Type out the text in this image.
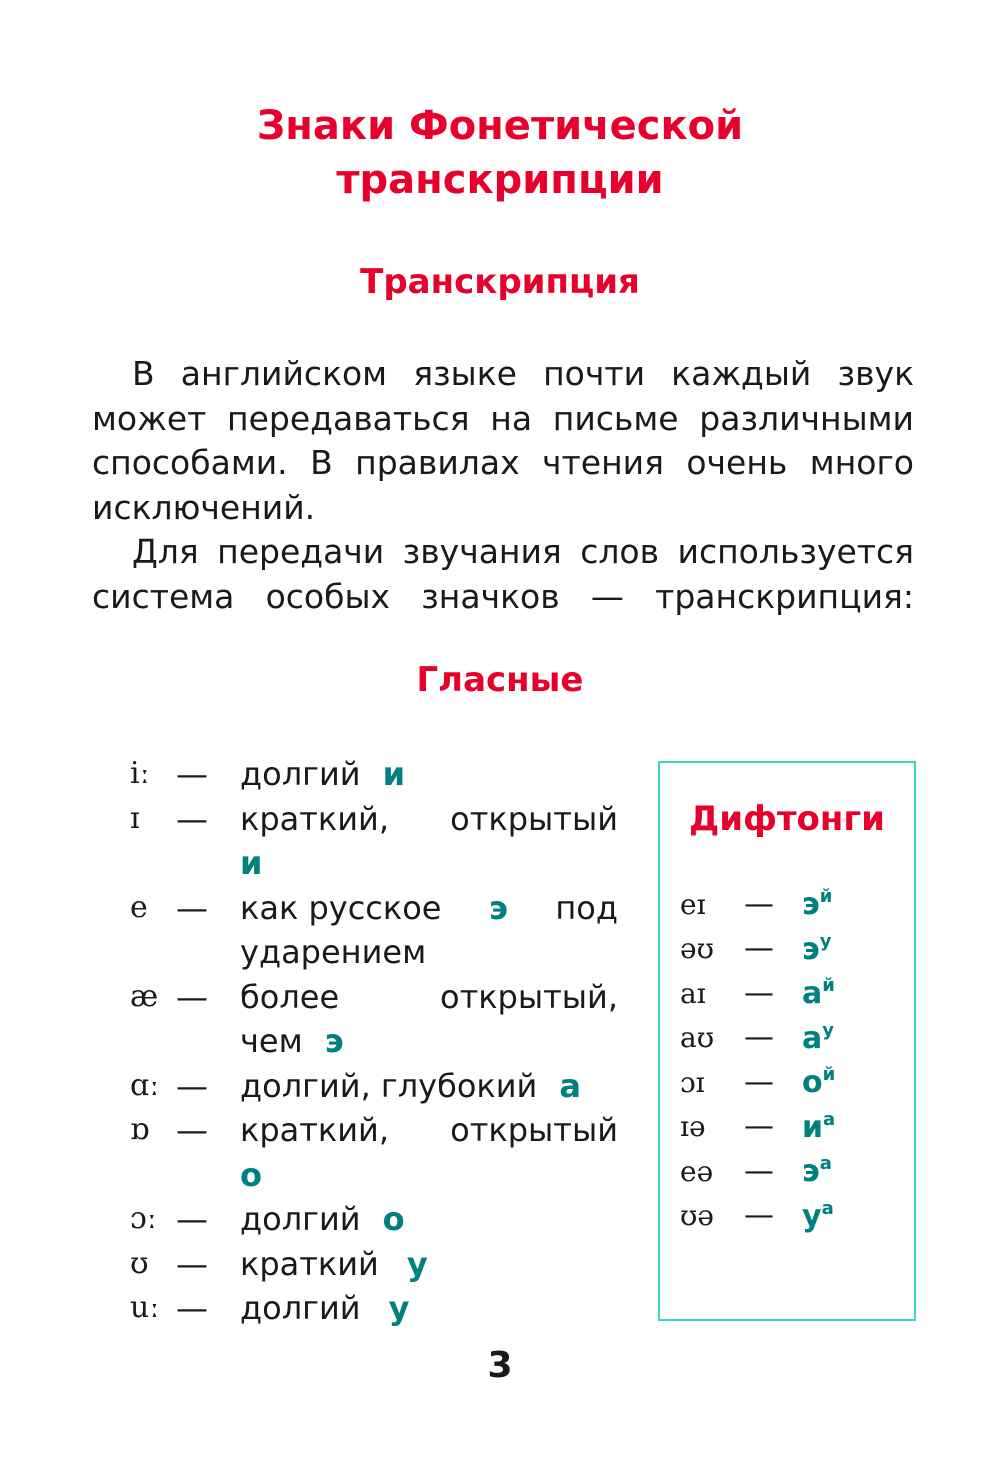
Знаки Фонетической
транскрипции
Транскрипция

В английском языке почти каждый звук может передаваться на письме различными способами. В правилах чтения очень много исключений.

Для передачи звучания слов используется система особых значков — транскрипция:

Гласные
iː —	долгий и
ɪ	—	краткий, открытый
и
e —	как русское э под
ударением
æ —	более	открытый,
чем э
ɑː —	долгий, глубокий а
ɒ —	краткий, открытый
о
ɔː —	долгий о
ʊ —	краткий у
uː —	долгий у
Дифтонги
eɪ	— $э^й$
əʊ	— $э^у$
aɪ	— $а^й$
aʊ — $а^у$
ɔɪ	— $о^й$
ɪə	— $и^а$
eə	— $э^а$
ʊə	— $у^а$
3
